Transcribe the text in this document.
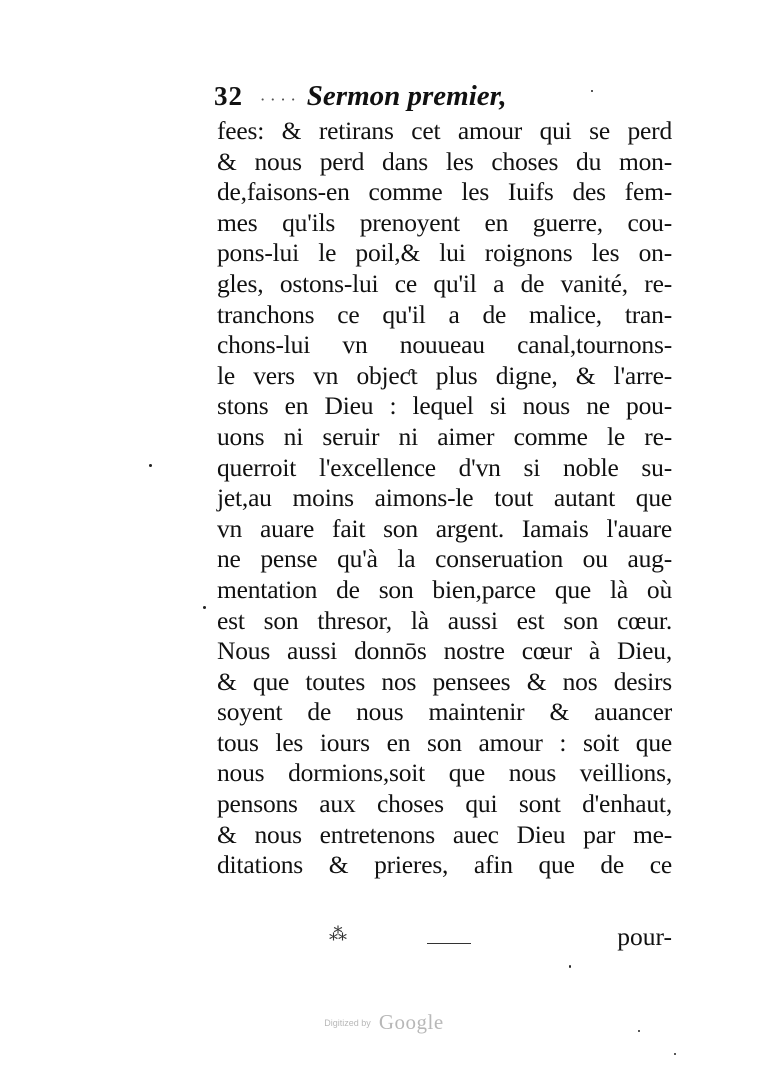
32 · · · · Sermon premier,
fees: & retirans cet amour qui se perd
& nous perd dans les choses du mon-
de,faisons-en comme les Iuifs des fem-
mes qu'ils prenoyent en guerre, cou-
pons-lui le poil,& lui roignons les on-
gles, ostons-lui ce qu'il a de vanité, re-
tranchons ce qu'il a de malice, tran-
chons-lui vn nouueau canal,tournons-
le vers vn objeƈt plus digne, & l'arre-
stons en Dieu : lequel si nous ne pou-
uons ni seruir ni aimer comme le re-
querroit l'excellence d'vn si noble su-
jet,au moins aimons-le tout autant que
vn auare fait son argent. Iamais l'auare
ne pense qu'à la conseruation ou aug-
mentation de son bien,parce que là où
est son thresor, là aussi est son cœur.
Nous aussi donnōs nostre cœur à Dieu,
& que toutes nos pensees & nos desirs
soyent de nous maintenir & auancer
tous les iours en son amour : soit que
nous dormions,soit que nous veillions,
pensons aux choses qui sont d'enhaut,
& nous entretenons auec Dieu par me-
ditations & prieres, afin que de ce
⁂	pour-
Digitized by Google
